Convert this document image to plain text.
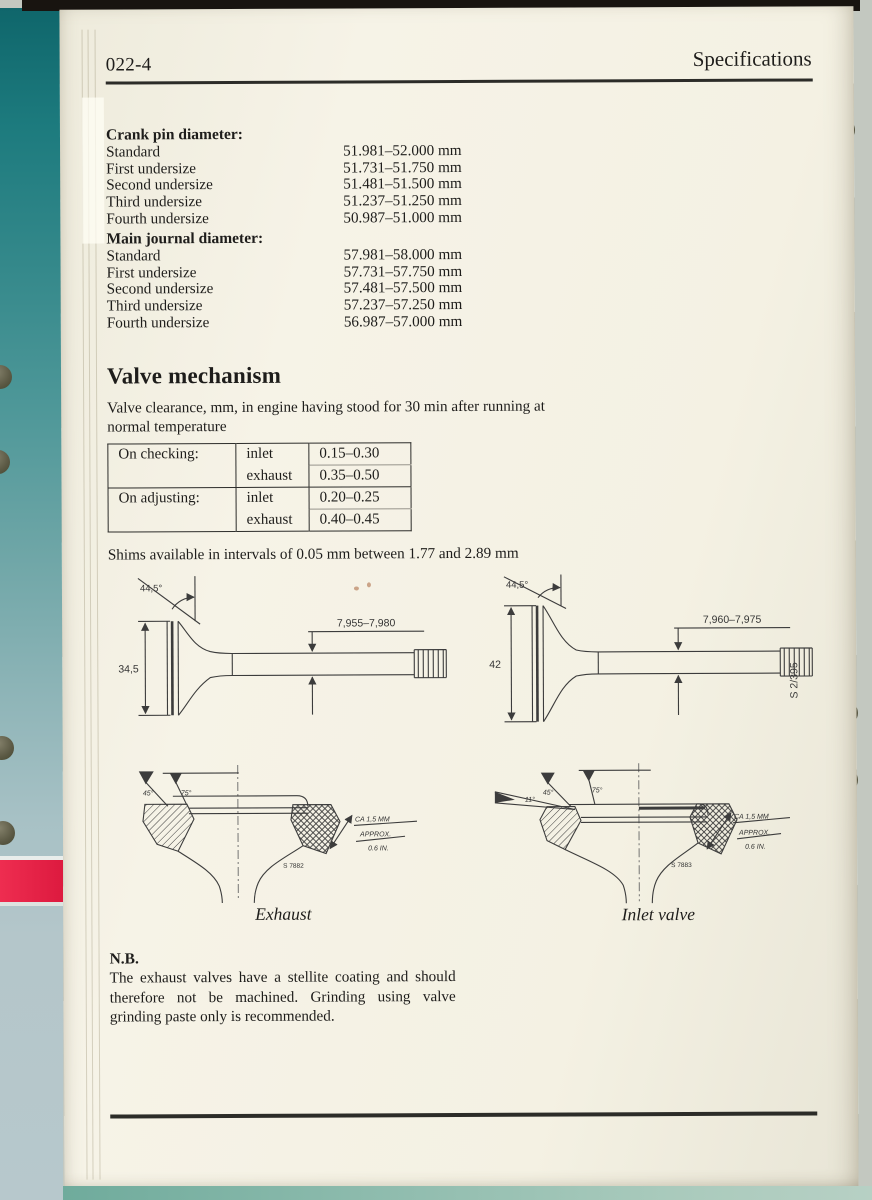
022-4	Specifications
Crank pin diameter:
Standard	51.981–52.000 mm
First undersize	51.731–51.750 mm
Second undersize	51.481–51.500 mm
Third undersize	51.237–51.250 mm
Fourth undersize	50.987–51.000 mm
Main journal diameter:
Standard	57.981–58.000 mm
First undersize	57.731–57.750 mm
Second undersize	57.481–57.500 mm
Third undersize	57.237–57.250 mm
Fourth undersize	56.987–57.000 mm
Valve mechanism

Valve clearance, mm, in engine having stood for 30 min after running at normal temperature

On checking:	inlet	0.15–0.30
	exhaust	0.35–0.50
On adjusting:	inlet	0.20–0.25
	exhaust	0.40–0.45

Shims available in intervals of 0.05 mm between 1.77 and 2.89 mm

34,5
44,5°
7,955–7,980
42
44,5°
7,960–7,975
S 2/395
45°	75°
CA 1,5 MM
APPROX.
0.6 IN.
S 7882
11°
45°	75°
CA 1,5 MM
APPROX.
0.6 IN.
S 7883
Exhaust	Inlet valve
N.B.
The exhaust valves have a stellite coating and should therefore not be machined. Grinding using valve grinding paste only is recommended.
